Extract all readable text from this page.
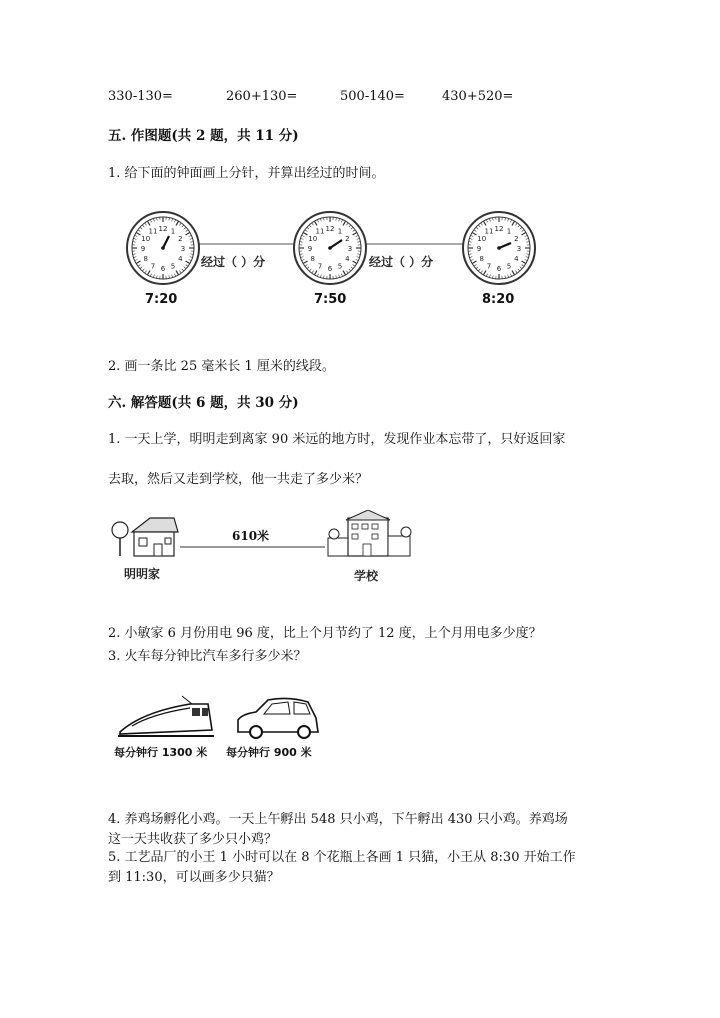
330-130=	260+130=	500-140=	430+520=
五. 作图题(共 2 题，共 11 分)
1. 给下面的钟面画上分针，并算出经过的时间。
经过（ ）分	经过（ ）分
12 1
2
3
4
5
6
7
8
9
10
11	12 1
2
3
4
5
6
7
8
9
10
11	12 1
2
3
4
5
6
7
8
9
10
11
7:20	7:50	8:20
2. 画一条比 25 毫米长 1 厘米的线段。
六. 解答题(共 6 题，共 30 分)
1. 一天上学，明明走到离家 90 米远的地方时，发现作业本忘带了，只好返回家
去取，然后又走到学校，他一共走了多少米？
610米
明明家	学校
2. 小敏家 6 月份用电 96 度，比上个月节约了 12 度，上个月用电多少度？
3. 火车每分钟比汽车多行多少米？
每分钟行 1300 米 每分钟行 900 米
4. 养鸡场孵化小鸡。一天上午孵出 548 只小鸡，下午孵出 430 只小鸡。养鸡场
这一天共收获了多少只小鸡？
5. 工艺品厂的小王 1 小时可以在 8 个花瓶上各画 1 只猫，小王从 8:30 开始工作
到 11:30，可以画多少只猫？
